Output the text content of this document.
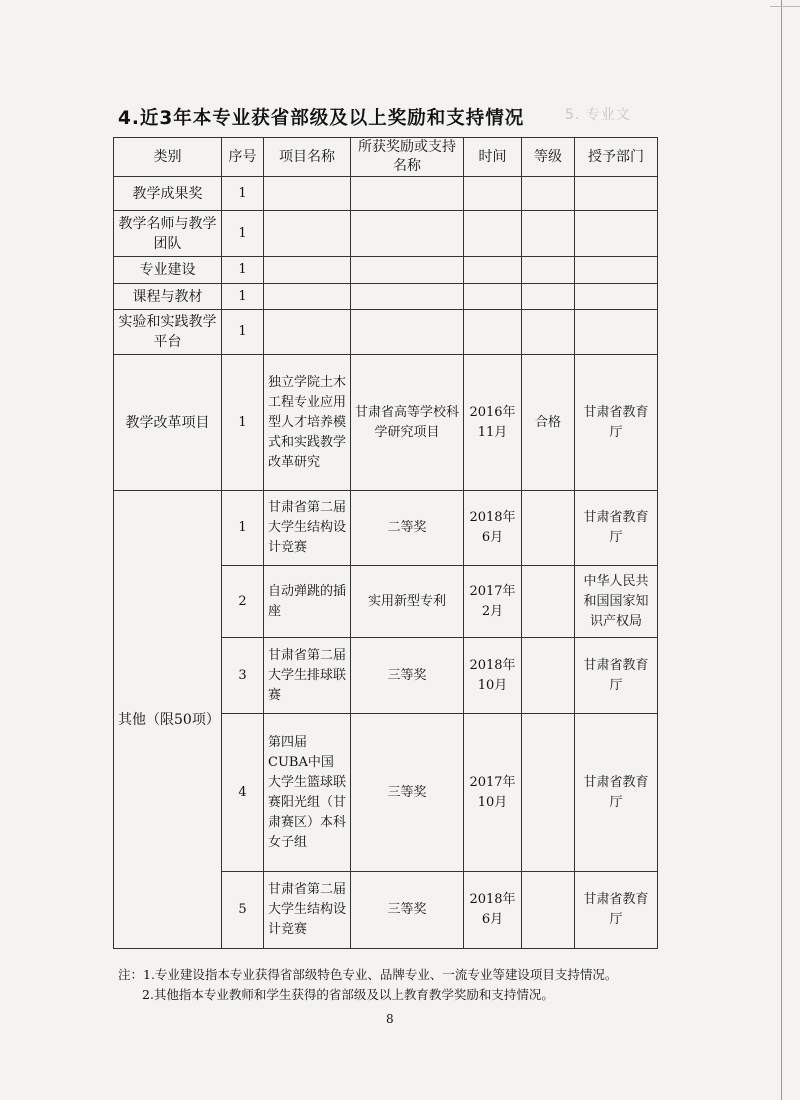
5. 专业文
4.近3年本专业获省部级及以上奖励和支持情况
类别	序号	项目名称	所获奖励或支持名称	时间	等级	授予部门
教学成果奖	1					
教学名师与教学团队	1					
专业建设	1					
课程与教材	1					
实验和实践教学平台	1					
教学改革项目	1	独立学院土木工程专业应用型人才培养模式和实践教学改革研究	甘肃省高等学校科学研究项目	2016年11月	合格	甘肃省教育厅
其他（限50项）	1	甘肃省第二届大学生结构设计竞赛	二等奖	2018年6月		甘肃省教育厅
	2	自动弹跳的插座	实用新型专利	2017年2月		中华人民共和国国家知识产权局
	3	甘肃省第二届大学生排球联赛	三等奖	2018年10月		甘肃省教育厅
	4	第四届CUBA中国大学生篮球联赛阳光组（甘肃赛区）本科女子组	三等奖	2017年10月		甘肃省教育厅
	5	甘肃省第二届大学生结构设计竞赛	三等奖	2018年6月		甘肃省教育厅
注：1.专业建设指本专业获得省部级特色专业、品牌专业、一流专业等建设项目支持情况。
2.其他指本专业教师和学生获得的省部级及以上教育教学奖励和支持情况。
8
